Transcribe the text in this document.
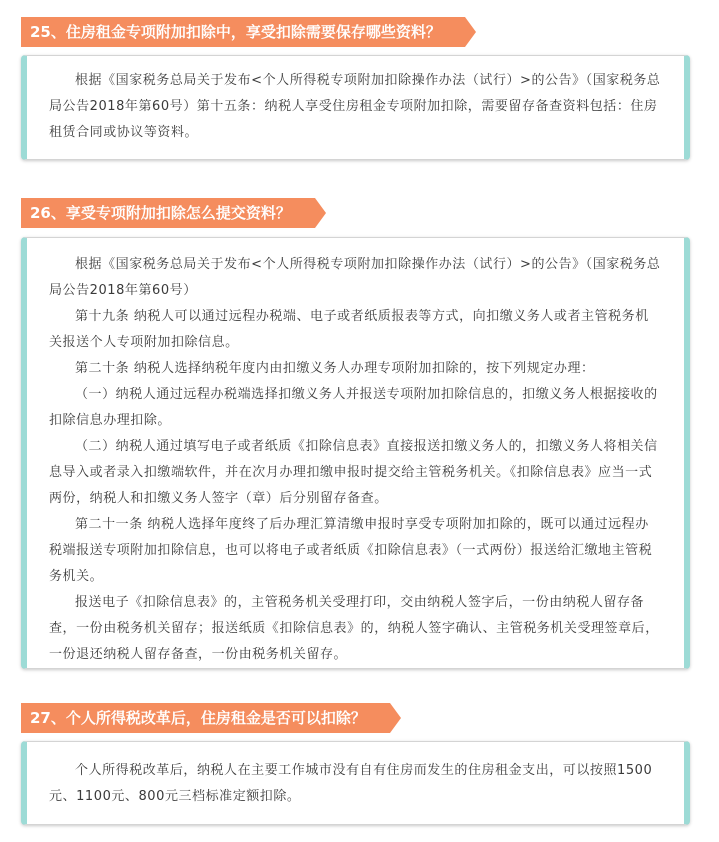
25、住房租金专项附加扣除中，享受扣除需要保存哪些资料？

根据《国家税务总局关于发布<个人所得税专项附加扣除操作办法（试行）>的公告》（国家税务总局公告2018年第60号）第十五条：纳税人享受住房租金专项附加扣除，需要留存备查资料包括：住房租赁合同或协议等资料。

26、享受专项附加扣除怎么提交资料？

根据《国家税务总局关于发布<个人所得税专项附加扣除操作办法（试行）>的公告》（国家税务总局公告2018年第60号）

第十九条 纳税人可以通过远程办税端、电子或者纸质报表等方式，向扣缴义务人或者主管税务机关报送个人专项附加扣除信息。

第二十条 纳税人选择纳税年度内由扣缴义务人办理专项附加扣除的，按下列规定办理：

（一）纳税人通过远程办税端选择扣缴义务人并报送专项附加扣除信息的，扣缴义务人根据接收的扣除信息办理扣除。

（二）纳税人通过填写电子或者纸质《扣除信息表》直接报送扣缴义务人的，扣缴义务人将相关信息导入或者录入扣缴端软件，并在次月办理扣缴申报时提交给主管税务机关。《扣除信息表》应当一式两份，纳税人和扣缴义务人签字（章）后分别留存备查。

第二十一条 纳税人选择年度终了后办理汇算清缴申报时享受专项附加扣除的，既可以通过远程办税端报送专项附加扣除信息，也可以将电子或者纸质《扣除信息表》（一式两份）报送给汇缴地主管税务机关。

报送电子《扣除信息表》的，主管税务机关受理打印，交由纳税人签字后，一份由纳税人留存备查，一份由税务机关留存；报送纸质《扣除信息表》的，纳税人签字确认、主管税务机关受理签章后，一份退还纳税人留存备查，一份由税务机关留存。

27、个人所得税改革后，住房租金是否可以扣除？

个人所得税改革后，纳税人在主要工作城市没有自有住房而发生的住房租金支出，可以按照1500元、1100元、800元三档标准定额扣除。
